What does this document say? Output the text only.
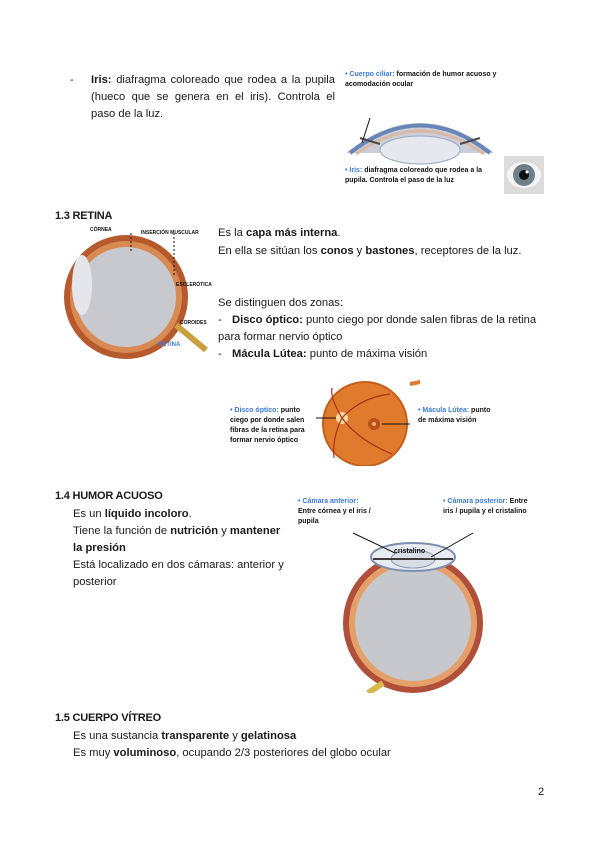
- Iris: diafragma coloreado que rodea a la pupila (hueco que se genera en el iris). Controla el paso de la luz.
• Cuerpo ciliar: formación de humor acuoso y acomodación ocular
• Iris: diafragma coloreado que rodea a la pupila. Controla el paso de la luz
1.3 RETINA
CÓRNEA	INSERCIÓN MUSCULAR
ESCLERÓTICA
COROIDES
RETINA
Es la capa más interna.
En ella se sitúan los conos y bastones, receptores de la luz.
Se distinguen dos zonas:
- Disco óptico: punto ciego por donde salen fibras de la retina para formar nervio óptico
- Mácula Lútea: punto de máxima visión
• Disco óptico: punto ciego por donde salen fibras de la retina para formar nervio óptico
• Mácula Lútea: punto de máxima visión
1.4 HUMOR ACUOSO
Es un líquido incoloro.
Tiene la función de nutrición y mantener la presión
Está localizado en dos cámaras: anterior y posterior
• Cámara anterior: Entre córnea y el iris / pupila
• Cámara posterior: Entre iris / pupila y el cristalino
cristalino
1.5 CUERPO VÍTREO
Es una sustancia transparente y gelatinosa
Es muy voluminoso, ocupando 2/3 posteriores del globo ocular
2
